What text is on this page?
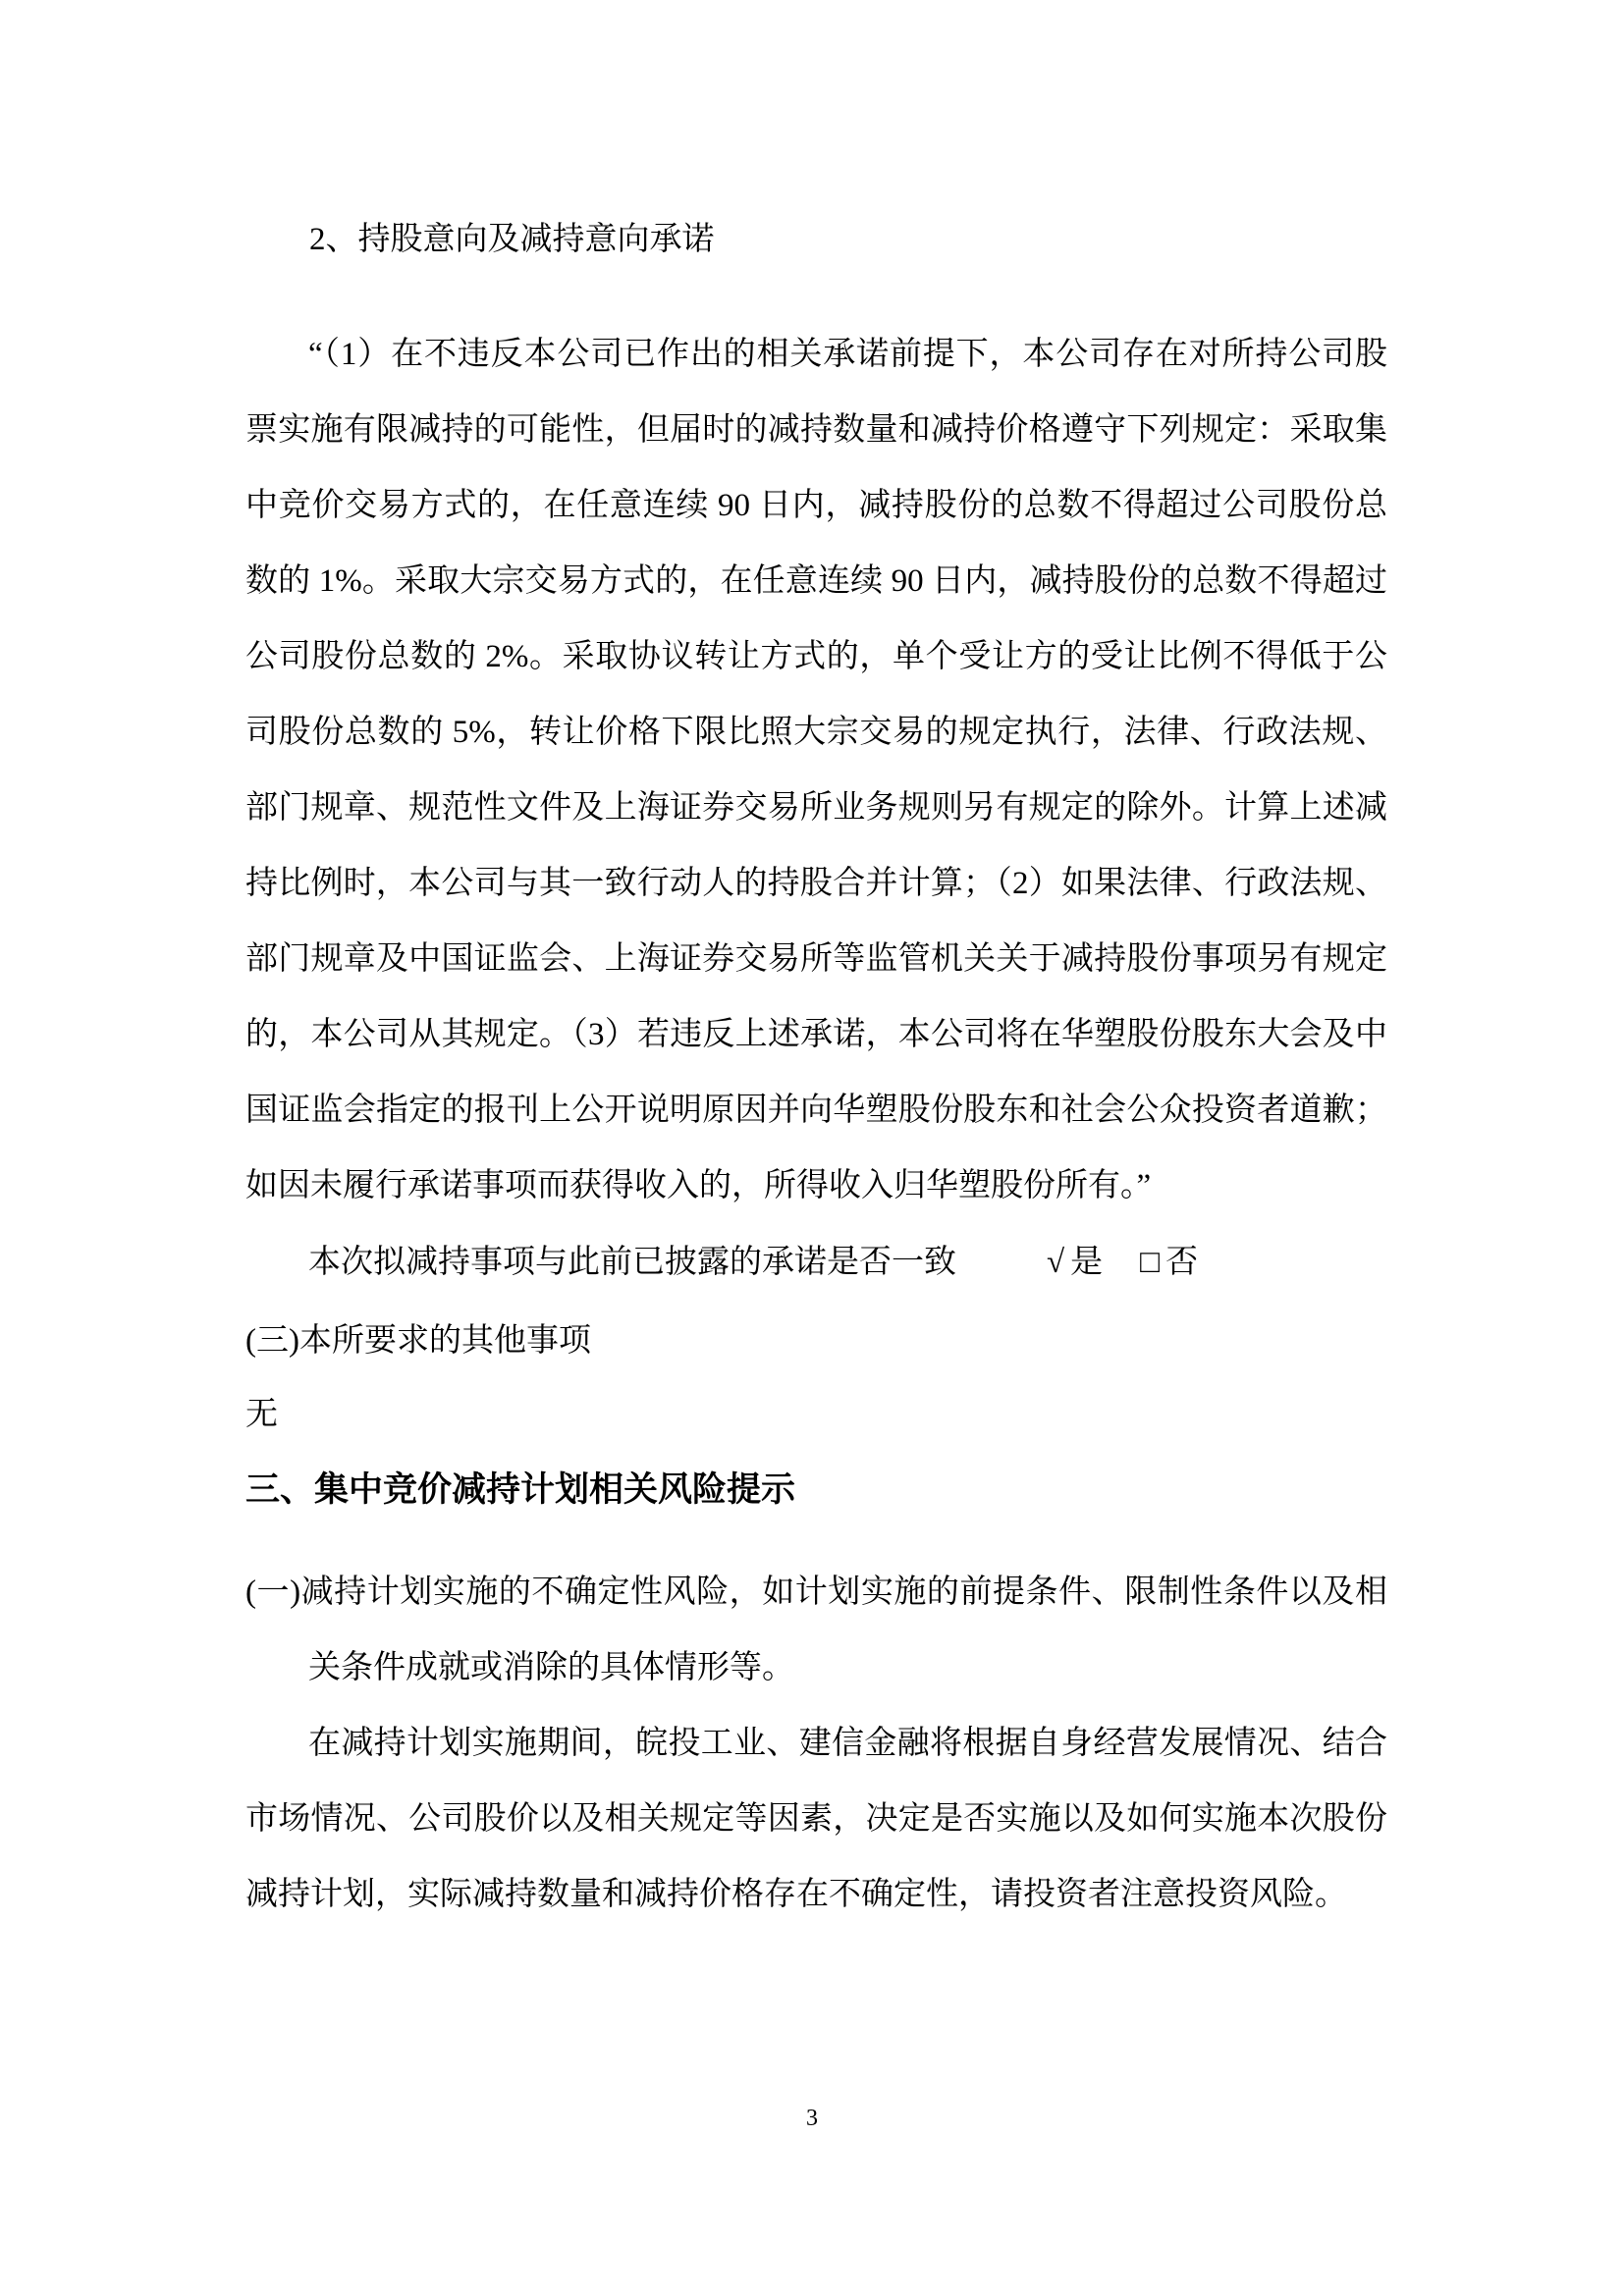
2、持股意向及减持意向承诺
“（1）在不违反本公司已作出的相关承诺前提下，本公司存在对所持公司股
票实施有限减持的可能性，但届时的减持数量和减持价格遵守下列规定：采取集
中竞价交易方式的，在任意连续 90 日内，减持股份的总数不得超过公司股份总
数的 1%。采取大宗交易方式的，在任意连续 90 日内，减持股份的总数不得超过
公司股份总数的 2%。采取协议转让方式的，单个受让方的受让比例不得低于公
司股份总数的 5%，转让价格下限比照大宗交易的规定执行，法律、行政法规、
部门规章、规范性文件及上海证券交易所业务规则另有规定的除外。计算上述减
持比例时，本公司与其一致行动人的持股合并计算；（2）如果法律、行政法规、
部门规章及中国证监会、上海证券交易所等监管机关关于减持股份事项另有规定
的，本公司从其规定。（3）若违反上述承诺，本公司将在华塑股份股东大会及中
国证监会指定的报刊上公开说明原因并向华塑股份股东和社会公众投资者道歉；
如因未履行承诺事项而获得收入的，所得收入归华塑股份所有。”
本次拟减持事项与此前已披露的承诺是否一致	√ 是 □ 否
(三)本所要求的其他事项
无
三、集中竞价减持计划相关风险提示
(一)减持计划实施的不确定性风险，如计划实施的前提条件、限制性条件以及相
关条件成就或消除的具体情形等。
在减持计划实施期间，皖投工业、建信金融将根据自身经营发展情况、结合
市场情况、公司股价以及相关规定等因素，决定是否实施以及如何实施本次股份
减持计划，实际减持数量和减持价格存在不确定性，请投资者注意投资风险。
3
